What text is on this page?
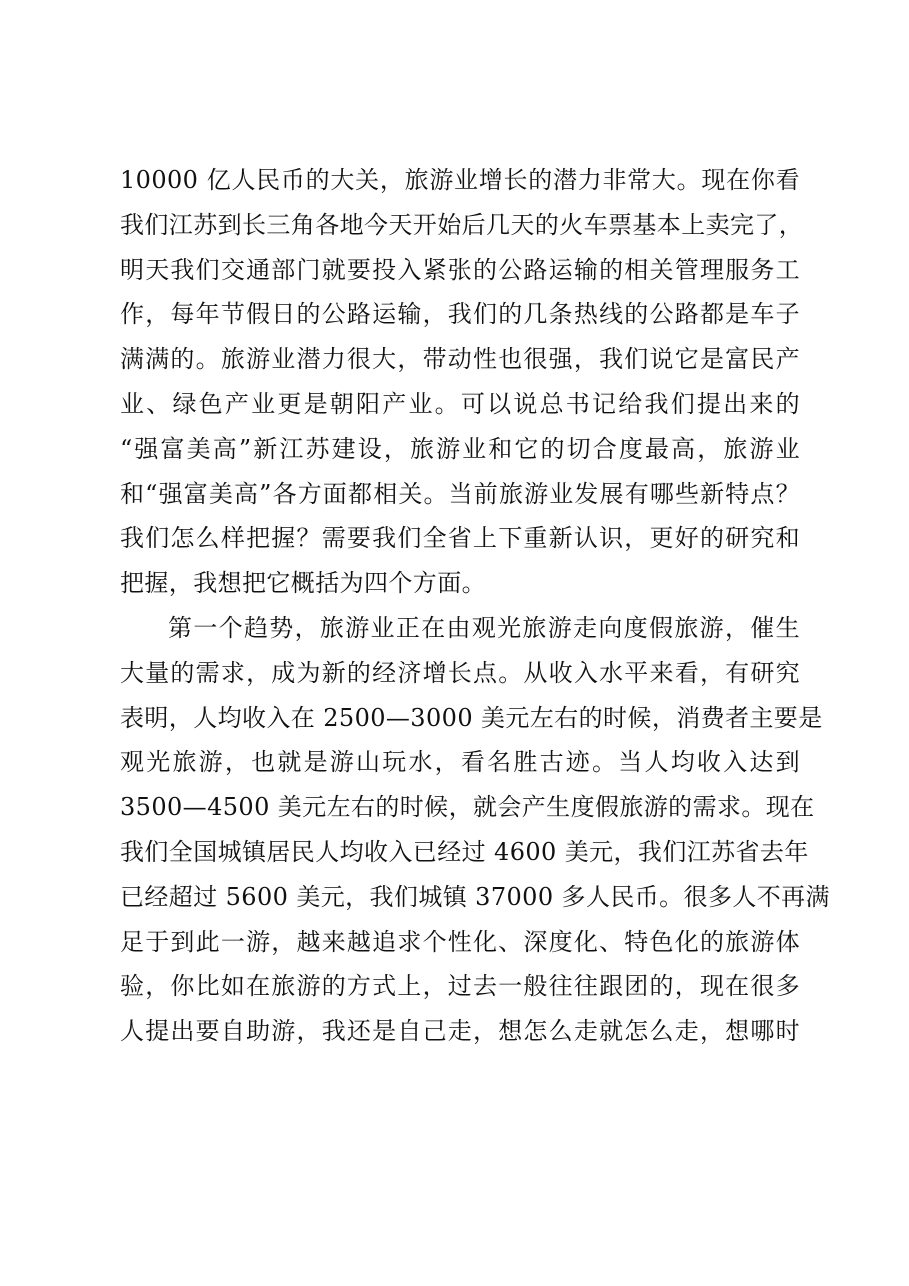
10000 亿人民币的大关，旅游业增长的潜力非常大。现在你看
我们江苏到长三角各地今天开始后几天的火车票基本上卖完了，
明天我们交通部门就要投入紧张的公路运输的相关管理服务工
作，每年节假日的公路运输，我们的几条热线的公路都是车子
满满的。旅游业潜力很大，带动性也很强，我们说它是富民产
业、绿色产业更是朝阳产业。可以说总书记给我们提出来的
“强富美高”新江苏建设，旅游业和它的切合度最高，旅游业
和“强富美高”各方面都相关。当前旅游业发展有哪些新特点？
我们怎么样把握？需要我们全省上下重新认识，更好的研究和
把握，我想把它概括为四个方面。
第一个趋势，旅游业正在由观光旅游走向度假旅游，催生
大量的需求，成为新的经济增长点。从收入水平来看，有研究
表明，人均收入在 2500—3000 美元左右的时候，消费者主要是
观光旅游，也就是游山玩水，看名胜古迹。当人均收入达到
3500—4500 美元左右的时候，就会产生度假旅游的需求。现在
我们全国城镇居民人均收入已经过 4600 美元，我们江苏省去年
已经超过 5600 美元，我们城镇 37000 多人民币。很多人不再满
足于到此一游，越来越追求个性化、深度化、特色化的旅游体
验，你比如在旅游的方式上，过去一般往往跟团的，现在很多
人提出要自助游，我还是自己走，想怎么走就怎么走，想哪时
